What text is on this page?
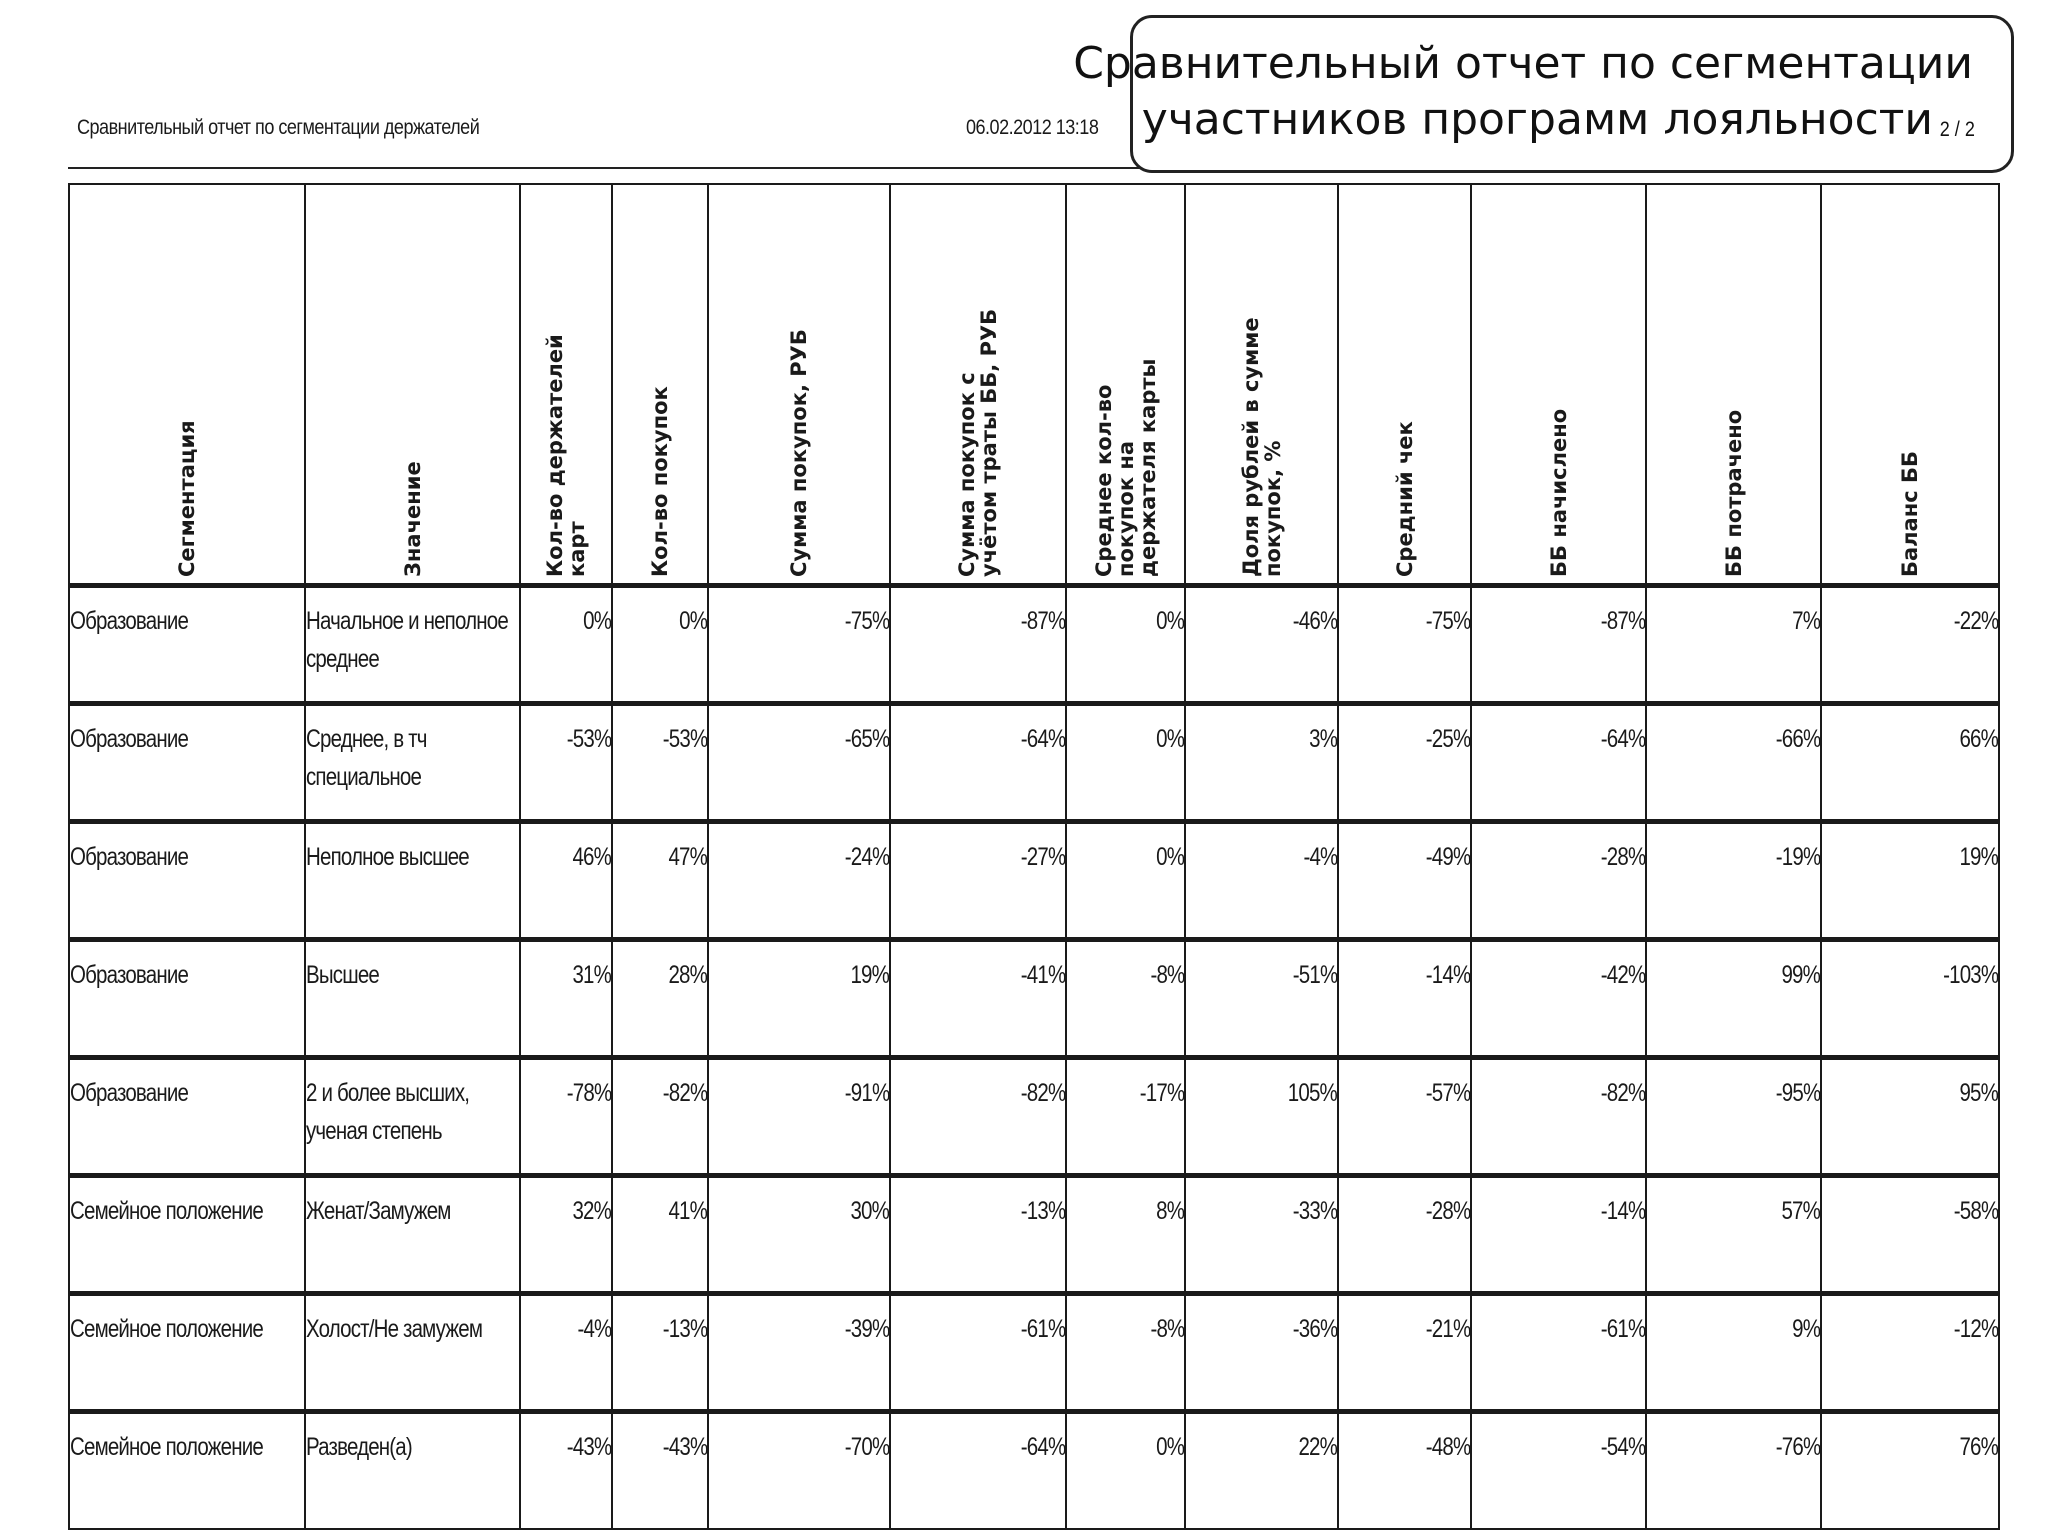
Сравнительный отчет по сегментации держателей	06.02.2012 13:18
Сравнительный отчет по сегментации
участников программ лояльности 2 / 2
Сегментация	Значение	Кол-во держателей карт	Кол-во покупок	Сумма покупок, РУБ	Сумма покупок с учётом траты ББ, РУБ	Среднее кол-во покупок на держателя карты	Доля рублей в сумме покупок, %	Средний чек	ББ начислено	ББ потрачено	Баланс ББ

Образование	Начальное и неполное среднее	0%	0%	-75%	-87%	0%	-46%	-75%	-87%	7%	-22%
Образование	Среднее, в тч специальное	-53%	-53%	-65%	-64%	0%	3%	-25%	-64%	-66%	66%
Образование	Неполное высшее	46%	47%	-24%	-27%	0%	-4%	-49%	-28%	-19%	19%
Образование	Высшее	31%	28%	19%	-41%	-8%	-51%	-14%	-42%	99%	-103%
Образование	2 и более высших, ученая степень	-78%	-82%	-91%	-82%	-17%	105%	-57%	-82%	-95%	95%
Семейное положение	Женат/Замужем	32%	41%	30%	-13%	8%	-33%	-28%	-14%	57%	-58%
Семейное положение	Холост/Не замужем	-4%	-13%	-39%	-61%	-8%	-36%	-21%	-61%	9%	-12%
Семейное положение	Разведен(а)	-43%	-43%	-70%	-64%	0%	22%	-48%	-54%	-76%	76%
